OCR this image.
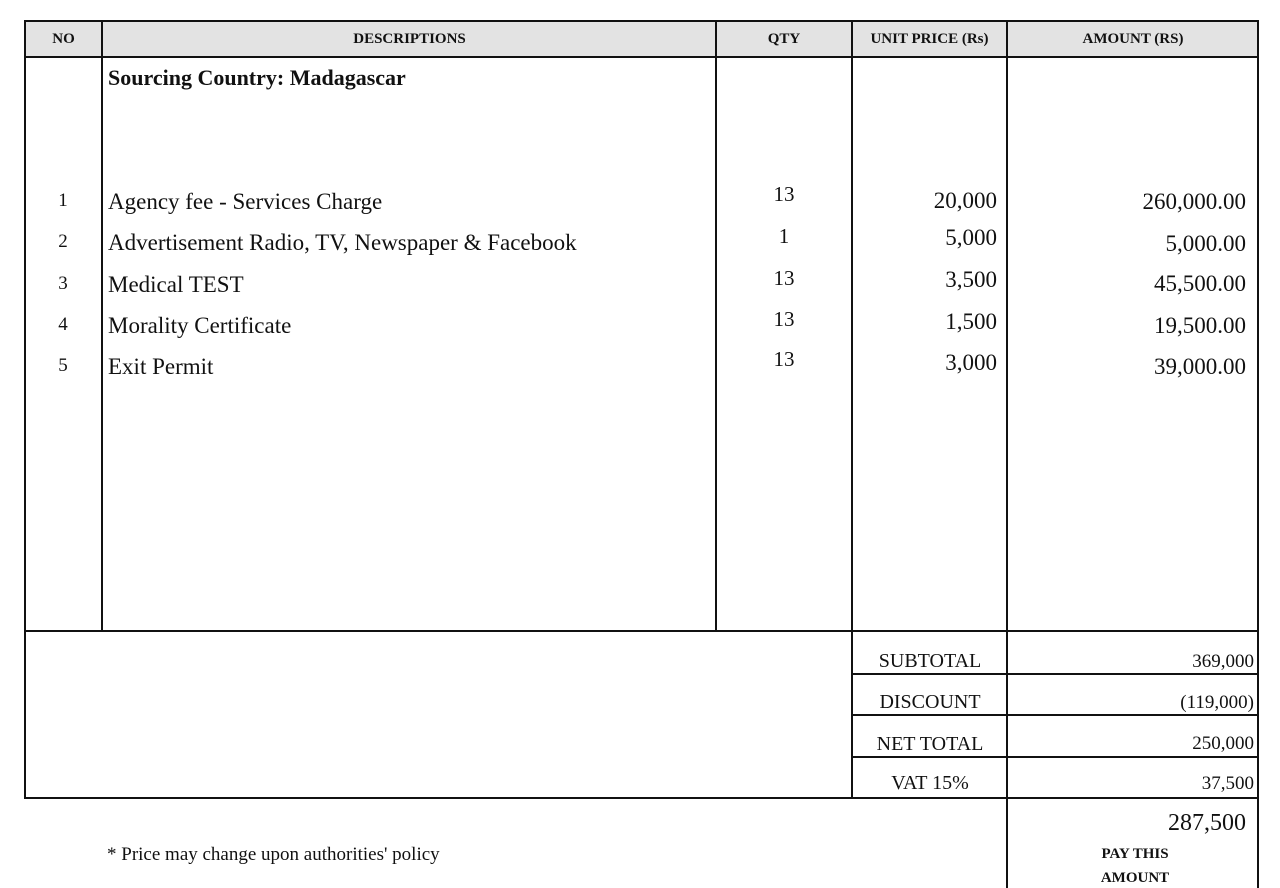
NO	DESCRIPTIONS	QTY	UNIT PRICE (Rs)	AMOUNT (RS)
Sourcing Country: Madagascar
1	Agency fee - Services Charge	13	20,000	260,000.00
2	Advertisement Radio, TV, Newspaper & Facebook	1	5,000	5,000.00
3	Medical TEST	13	3,500	45,500.00
4	Morality Certificate	13	1,500	19,500.00
5	Exit Permit	13	3,000	39,000.00
SUBTOTAL	369,000
DISCOUNT	(119,000)
NET TOTAL	250,000
VAT 15%	37,500
287,500
PAY THIS
AMOUNT
* Price may change upon authorities' policy
